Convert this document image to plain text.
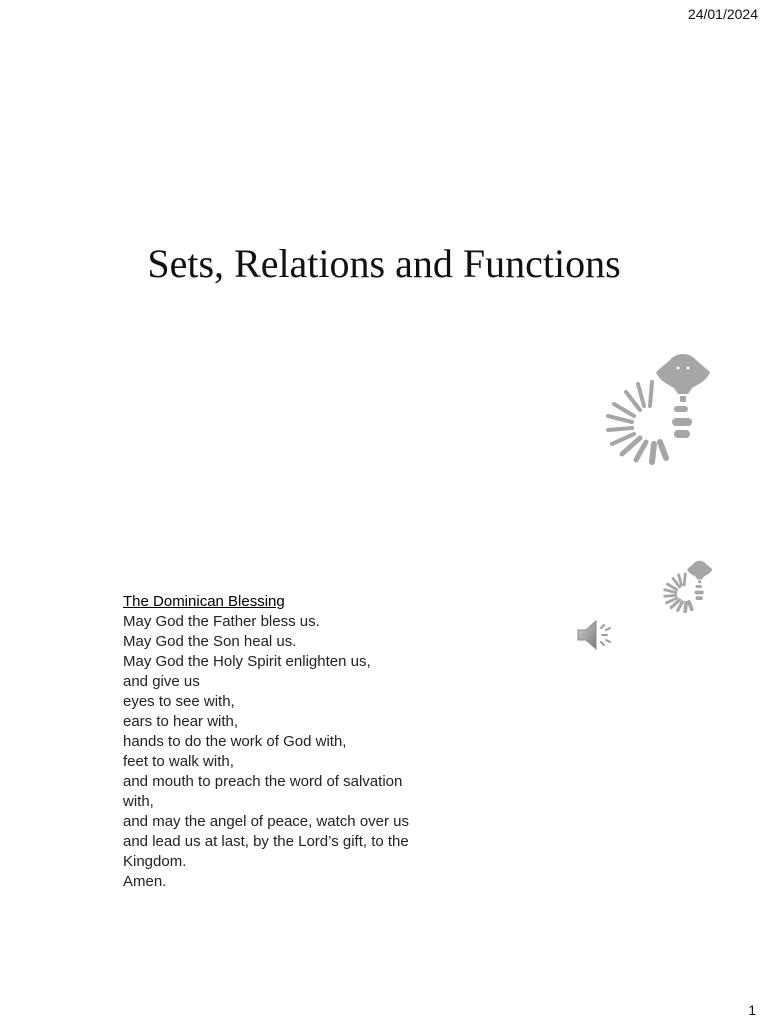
24/01/2024
Sets, Relations and Functions
The Dominican Blessing
May God the Father bless us.
May God the Son heal us.
May God the Holy Spirit enlighten us,
and give us
eyes to see with,
ears to hear with,
hands to do the work of God with,
feet to walk with,
and mouth to preach the word of salvation
with,
and may the angel of peace, watch over us
and lead us at last, by the Lord’s gift, to the
Kingdom.
Amen.
1
